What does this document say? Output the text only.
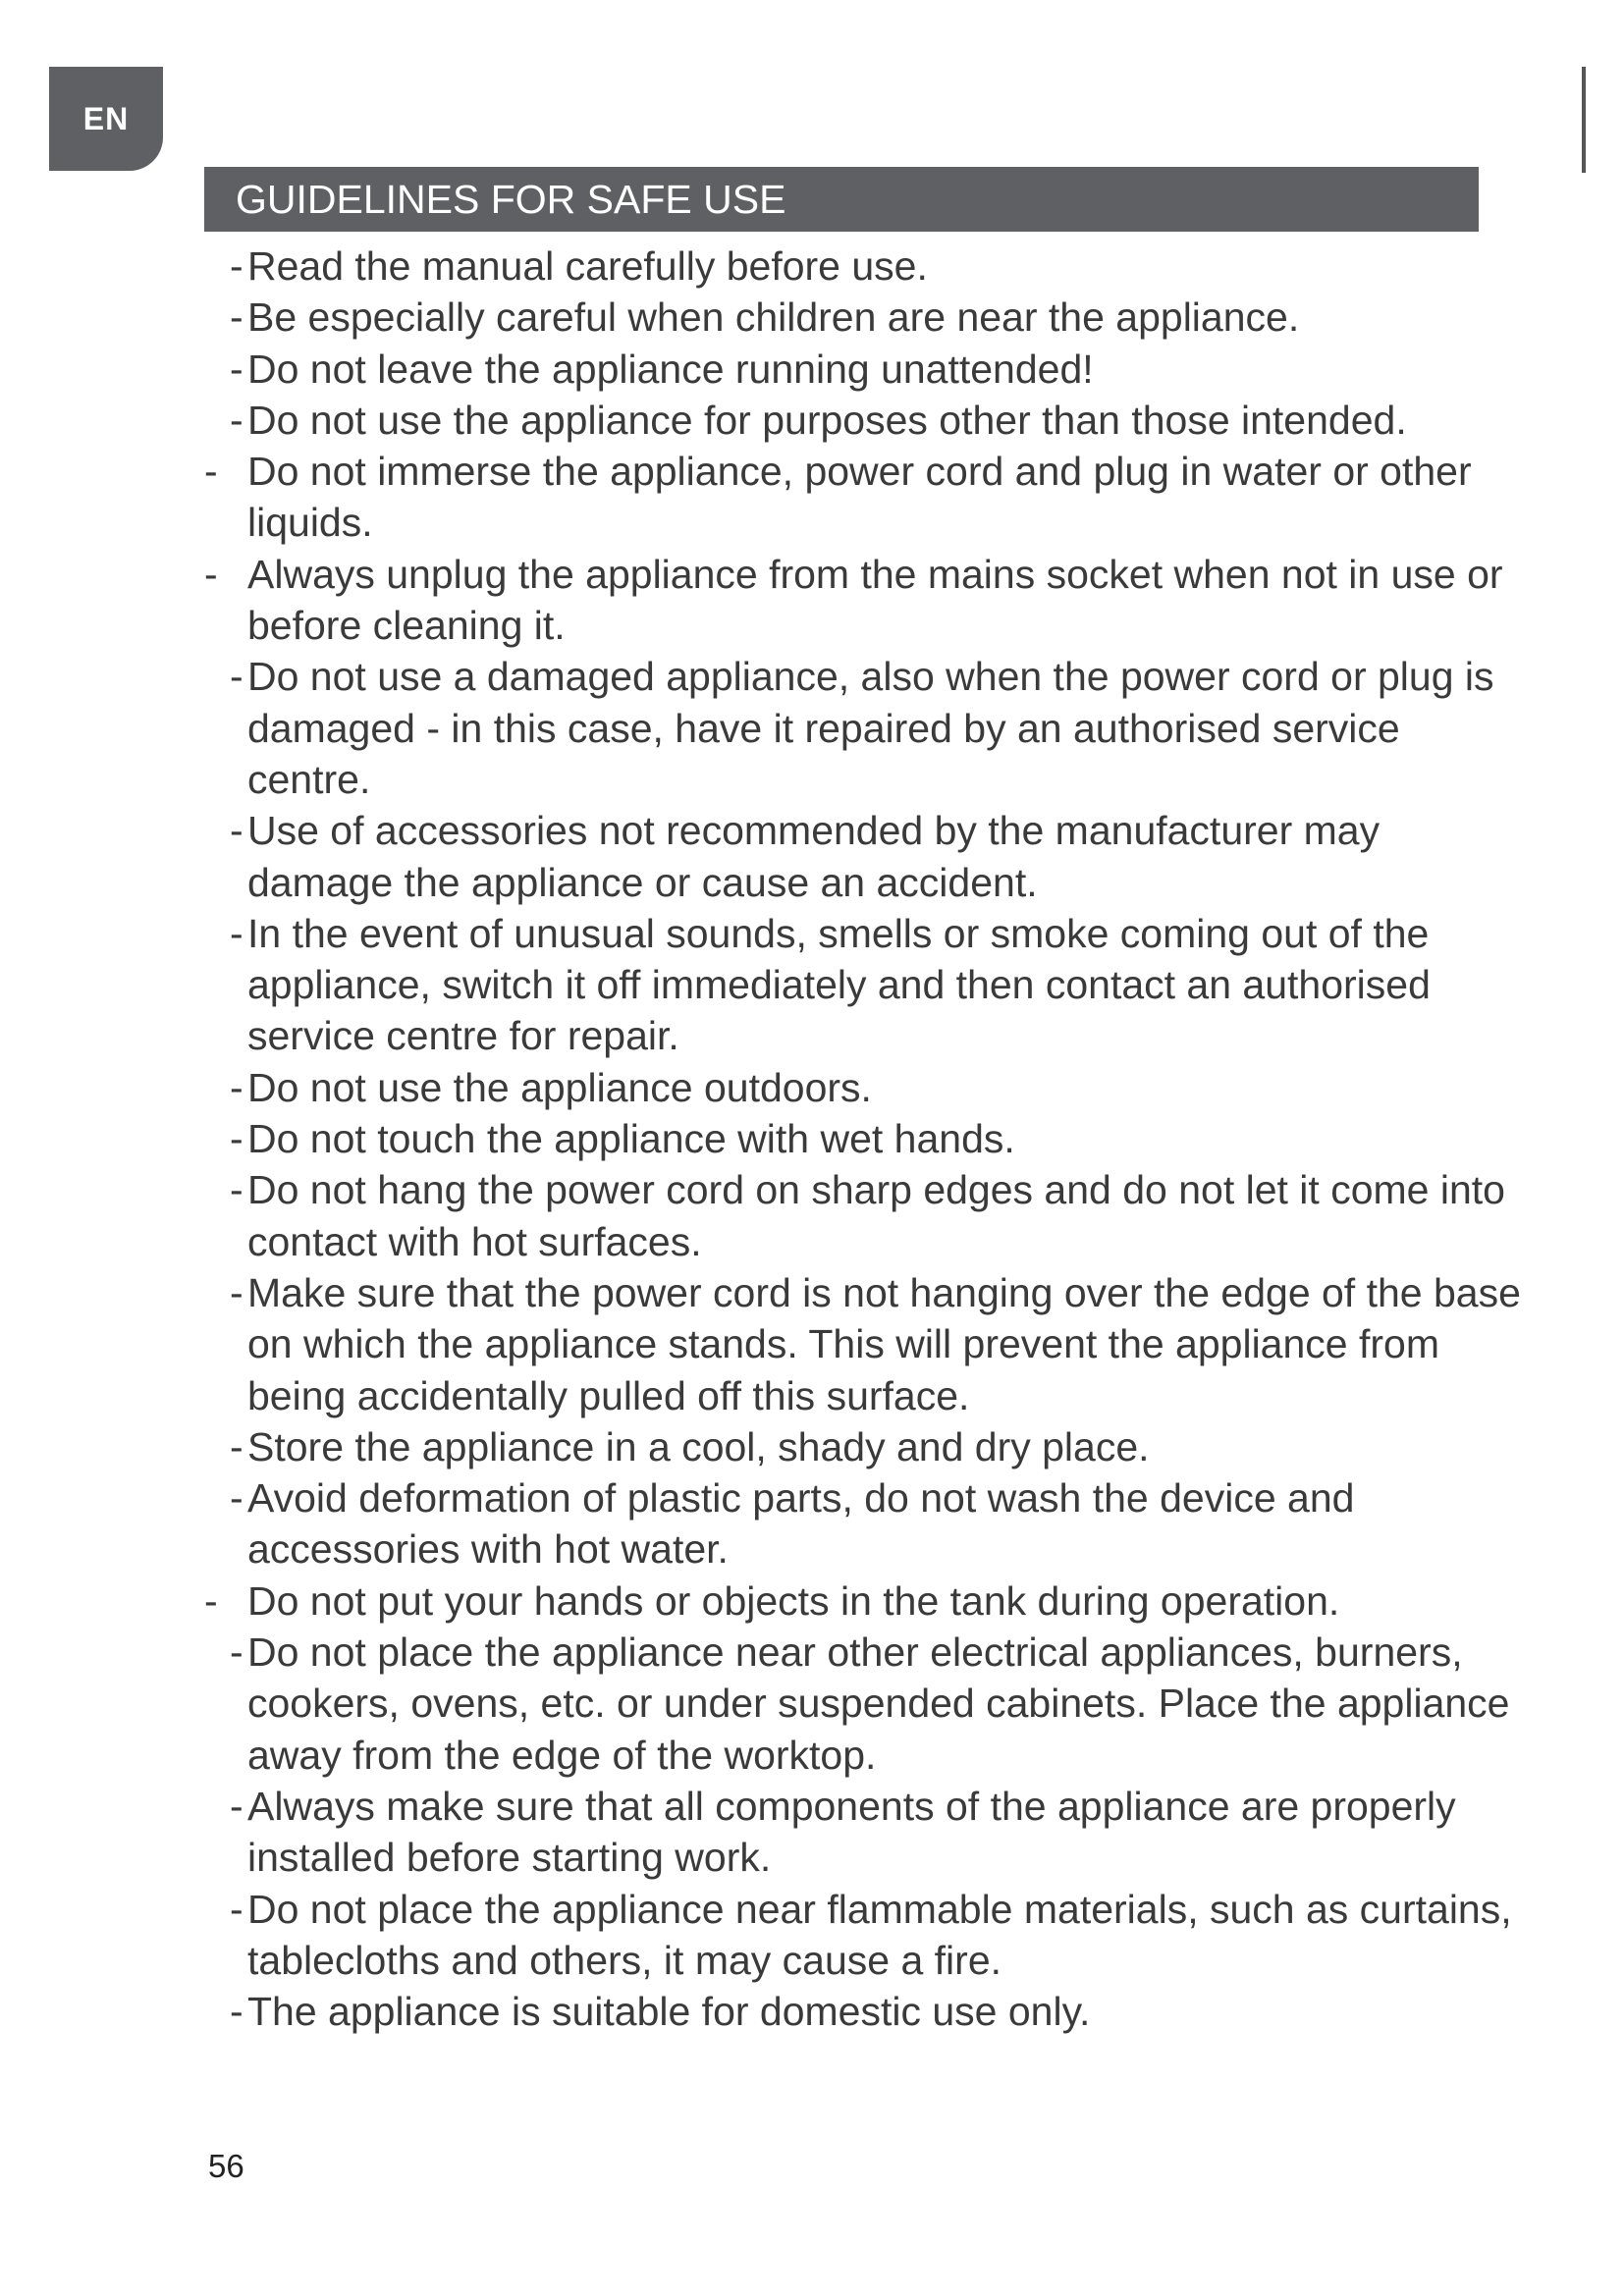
EN
GUIDELINES FOR SAFE USE
- Read the manual carefully before use.
- Be especially careful when children are near the appliance.
- Do not leave the appliance running unattended!
- Do not use the appliance for purposes other than those intended.
- Do not immerse the appliance, power cord and plug in water or other liquids.
- Always unplug the appliance from the mains socket when not in use or before cleaning it.
- Do not use a damaged appliance, also when the power cord or plug is damaged - in this case, have it repaired by an authorised service centre.
- Use of accessories not recommended by the manufacturer may damage the appliance or cause an accident.
- In the event of unusual sounds, smells or smoke coming out of the appliance, switch it off immediately and then contact an authorised service centre for repair.
- Do not use the appliance outdoors.
- Do not touch the appliance with wet hands.
- Do not hang the power cord on sharp edges and do not let it come into contact with hot surfaces.
- Make sure that the power cord is not hanging over the edge of the base on which the appliance stands. This will prevent the appliance from being accidentally pulled off this surface.
- Store the appliance in a cool, shady and dry place.
- Avoid deformation of plastic parts, do not wash the device and accessories with hot water.
- Do not put your hands or objects in the tank during operation.
- Do not place the appliance near other electrical appliances, burners, cookers, ovens, etc. or under suspended cabinets. Place the appliance away from the edge of the worktop.
- Always make sure that all components of the appliance are properly installed before starting work.
- Do not place the appliance near flammable materials, such as curtains, tablecloths and others, it may cause a fire.
- The appliance is suitable for domestic use only.
56
